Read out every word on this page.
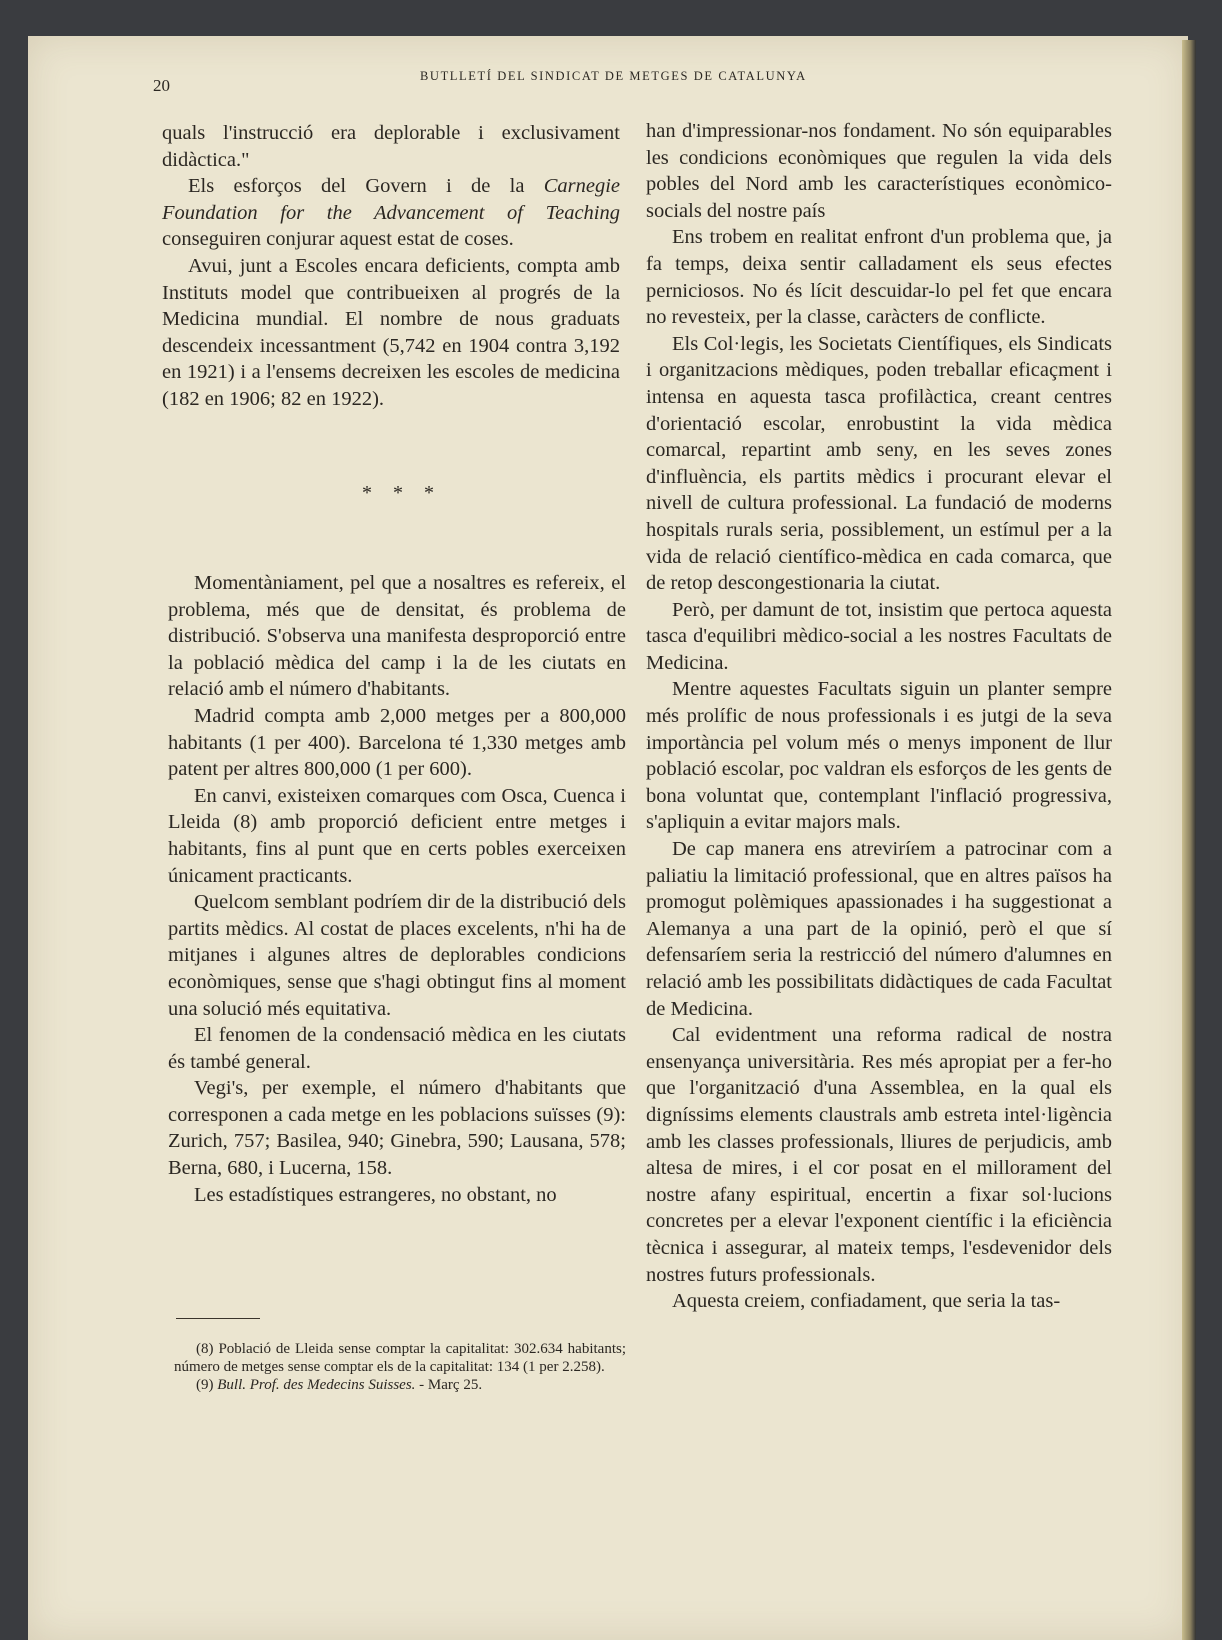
20	BUTLLETÍ DEL SINDICAT DE METGES DE CATALUNYA

quals l'instrucció era deplorable i exclusivament didàctica."

Els esforços del Govern i de la Carnegie Foundation for the Advancement of Teaching conseguiren conjurar aquest estat de coses.

Avui, junt a Escoles encara deficients, compta amb Instituts model que contribueixen al progrés de la Medicina mundial. El nombre de nous graduats descendeix incessantment (5,742 en 1904 contra 3,192 en 1921) i a l'ensems decreixen les escoles de medicina (182 en 1906; 82 en 1922).

* * *

Momentàniament, pel que a nosaltres es refereix, el problema, més que de densitat, és problema de distribució. S'observa una manifesta desproporció entre la població mèdica del camp i la de les ciutats en relació amb el número d'habitants.

Madrid compta amb 2,000 metges per a 800,000 habitants (1 per 400). Barcelona té 1,330 metges amb patent per altres 800,000 (1 per 600).

En canvi, existeixen comarques com Osca, Cuenca i Lleida (8) amb proporció deficient entre metges i habitants, fins al punt que en certs pobles exerceixen únicament practicants.

Quelcom semblant podríem dir de la distribució dels partits mèdics. Al costat de places excelents, n'hi ha de mitjanes i algunes altres de deplorables condicions econòmiques, sense que s'hagi obtingut fins al moment una solució més equitativa.

El fenomen de la condensació mèdica en les ciutats és també general.

Vegi's, per exemple, el número d'habitants que corresponen a cada metge en les poblacions suïsses (9): Zurich, 757; Basilea, 940; Ginebra, 590; Lausana, 578; Berna, 680, i Lucerna, 158.

Les estadístiques estrangeres, no obstant, no

(8) Població de Lleida sense comptar la capitalitat: 302.634 habitants; número de metges sense comptar els de la capitalitat: 134 (1 per 2.258).

(9) Bull. Prof. des Medecins Suisses. - Març 25.

han d'impressionar-nos fondament. No són equiparables les condicions econòmiques que regulen la vida dels pobles del Nord amb les característiques econòmico-socials del nostre país

Ens trobem en realitat enfront d'un problema que, ja fa temps, deixa sentir calladament els seus efectes perniciosos. No és lícit descuidar-lo pel fet que encara no revesteix, per la classe, caràcters de conflicte.

Els Col·legis, les Societats Científiques, els Sindicats i organitzacions mèdiques, poden treballar eficaçment i intensa en aquesta tasca profilàctica, creant centres d'orientació escolar, enrobustint la vida mèdica comarcal, repartint amb seny, en les seves zones d'influència, els partits mèdics i procurant elevar el nivell de cultura professional. La fundació de moderns hospitals rurals seria, possiblement, un estímul per a la vida de relació científico-mèdica en cada comarca, que de retop descongestionaria la ciutat.

Però, per damunt de tot, insistim que pertoca aquesta tasca d'equilibri mèdico-social a les nostres Facultats de Medicina.

Mentre aquestes Facultats siguin un planter sempre més prolífic de nous professionals i es jutgi de la seva importància pel volum més o menys imponent de llur població escolar, poc valdran els esforços de les gents de bona voluntat que, contemplant l'inflació progressiva, s'apliquin a evitar majors mals.

De cap manera ens atreviríem a patrocinar com a paliatiu la limitació professional, que en altres països ha promogut polèmiques apassionades i ha suggestionat a Alemanya a una part de la opinió, però el que sí defensaríem seria la restricció del número d'alumnes en relació amb les possibilitats didàctiques de cada Facultat de Medicina.

Cal evidentment una reforma radical de nostra ensenyança universitària. Res més apropiat per a fer-ho que l'organització d'una Assemblea, en la qual els digníssims elements claustrals amb estreta intel·ligència amb les classes professionals, lliures de perjudicis, amb altesa de mires, i el cor posat en el millorament del nostre afany espiritual, encertin a fixar sol·lucions concretes per a elevar l'exponent científic i la eficiència tècnica i assegurar, al mateix temps, l'esdevenidor dels nostres futurs professionals.

Aquesta creiem, confiadament, que seria la tas-
